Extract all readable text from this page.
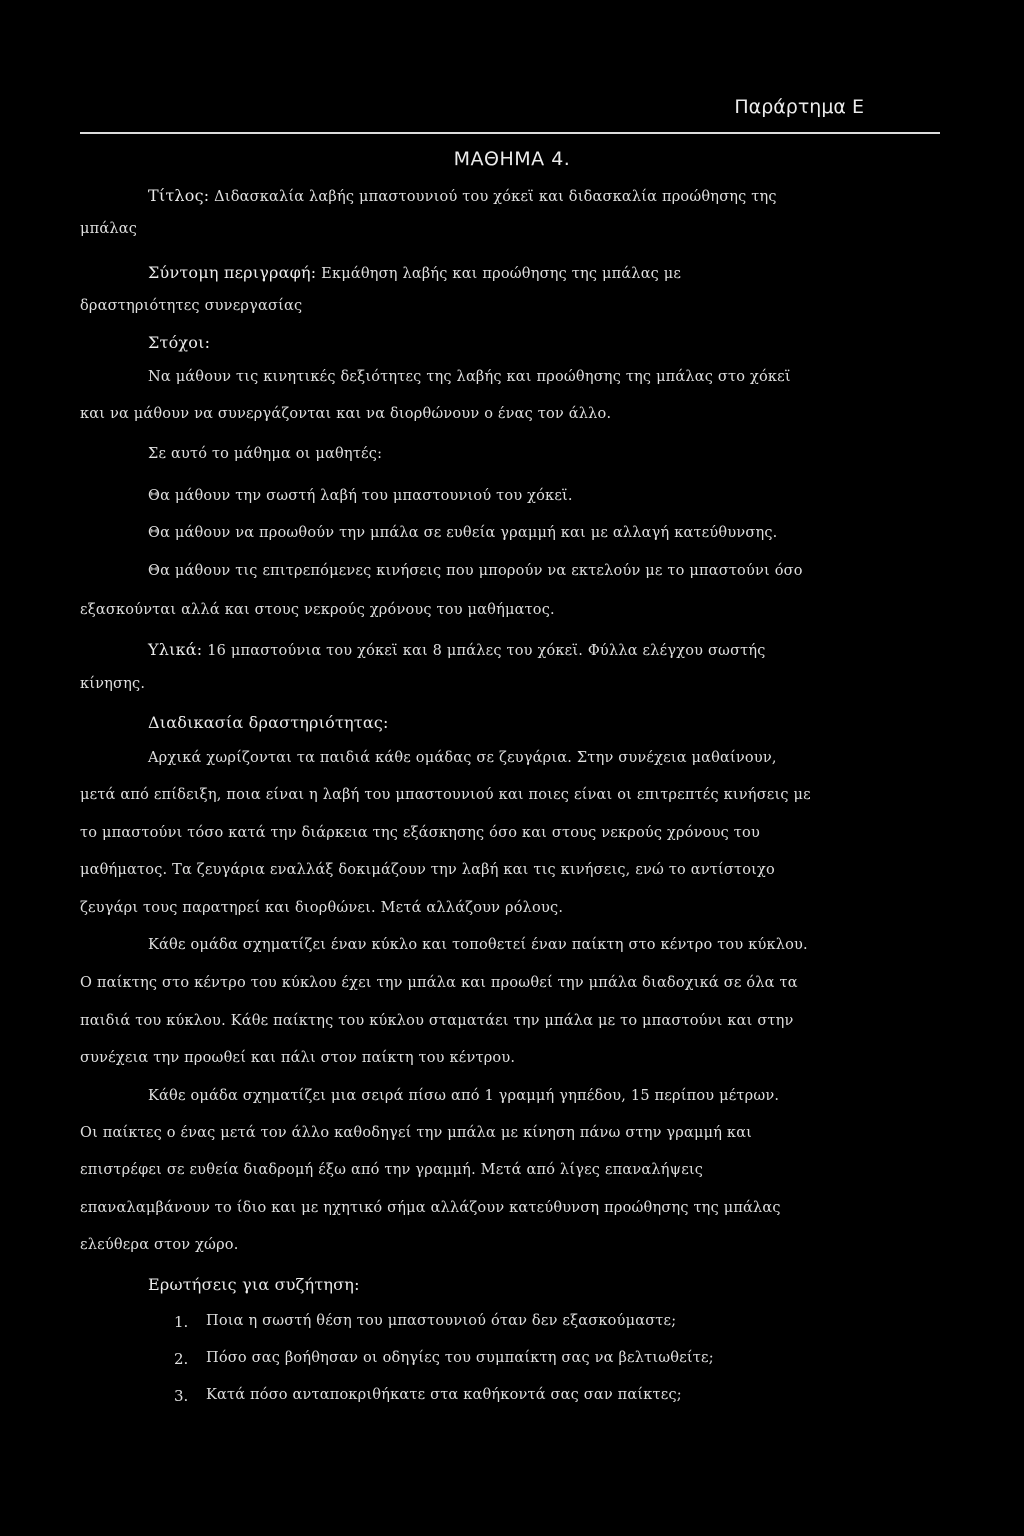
Παράρτημα Ε
ΜΑΘΗΜΑ 4.
Τίτλος: Διδασκαλία λαβής μπαστουνιού του χόκεϊ και διδασκαλία προώθησης της
μπάλας
Σύντομη περιγραφή: Εκμάθηση λαβής και προώθησης της μπάλας με
δραστηριότητες συνεργασίας
Στόχοι:
Να μάθουν τις κινητικές δεξιότητες της λαβής και προώθησης της μπάλας στο χόκεϊ
και να μάθουν να συνεργάζονται και να διορθώνουν ο ένας τον άλλο.
Σε αυτό το μάθημα οι μαθητές:
Θα μάθουν την σωστή λαβή του μπαστουνιού του χόκεϊ.
Θα μάθουν να προωθούν την μπάλα σε ευθεία γραμμή και με αλλαγή κατεύθυνσης.
Θα μάθουν τις επιτρεπόμενες κινήσεις που μπορούν να εκτελούν με το μπαστούνι όσο
εξασκούνται αλλά και στους νεκρούς χρόνους του μαθήματος.
Υλικά: 16 μπαστούνια του χόκεϊ και 8 μπάλες του χόκεϊ. Φύλλα ελέγχου σωστής
κίνησης.
Διαδικασία δραστηριότητας:
Αρχικά χωρίζονται τα παιδιά κάθε ομάδας σε ζευγάρια. Στην συνέχεια μαθαίνουν,
μετά από επίδειξη, ποια είναι η λαβή του μπαστουνιού και ποιες είναι οι επιτρεπτές κινήσεις με
το μπαστούνι τόσο κατά την διάρκεια της εξάσκησης όσο και στους νεκρούς χρόνους του
μαθήματος. Τα ζευγάρια εναλλάξ δοκιμάζουν την λαβή και τις κινήσεις, ενώ το αντίστοιχο
ζευγάρι τους παρατηρεί και διορθώνει. Μετά αλλάζουν ρόλους.
Κάθε ομάδα σχηματίζει έναν κύκλο και τοποθετεί έναν παίκτη στο κέντρο του κύκλου.
Ο παίκτης στο κέντρο του κύκλου έχει την μπάλα και προωθεί την μπάλα διαδοχικά σε όλα τα
παιδιά του κύκλου. Κάθε παίκτης του κύκλου σταματάει την μπάλα με το μπαστούνι και στην
συνέχεια την προωθεί και πάλι στον παίκτη του κέντρου.
Κάθε ομάδα σχηματίζει μια σειρά πίσω από 1 γραμμή γηπέδου, 15 περίπου μέτρων.
Οι παίκτες ο ένας μετά τον άλλο καθοδηγεί την μπάλα με κίνηση πάνω στην γραμμή και
επιστρέφει σε ευθεία διαδρομή έξω από την γραμμή. Μετά από λίγες επαναλήψεις
επαναλαμβάνουν το ίδιο και με ηχητικό σήμα αλλάζουν κατεύθυνση προώθησης της μπάλας
ελεύθερα στον χώρο.
Ερωτήσεις για συζήτηση:
1. Ποια η σωστή θέση του μπαστουνιού όταν δεν εξασκούμαστε;
2. Πόσο σας βοήθησαν οι οδηγίες του συμπαίκτη σας να βελτιωθείτε;
3. Κατά πόσο ανταποκριθήκατε στα καθήκοντά σας σαν παίκτες;
